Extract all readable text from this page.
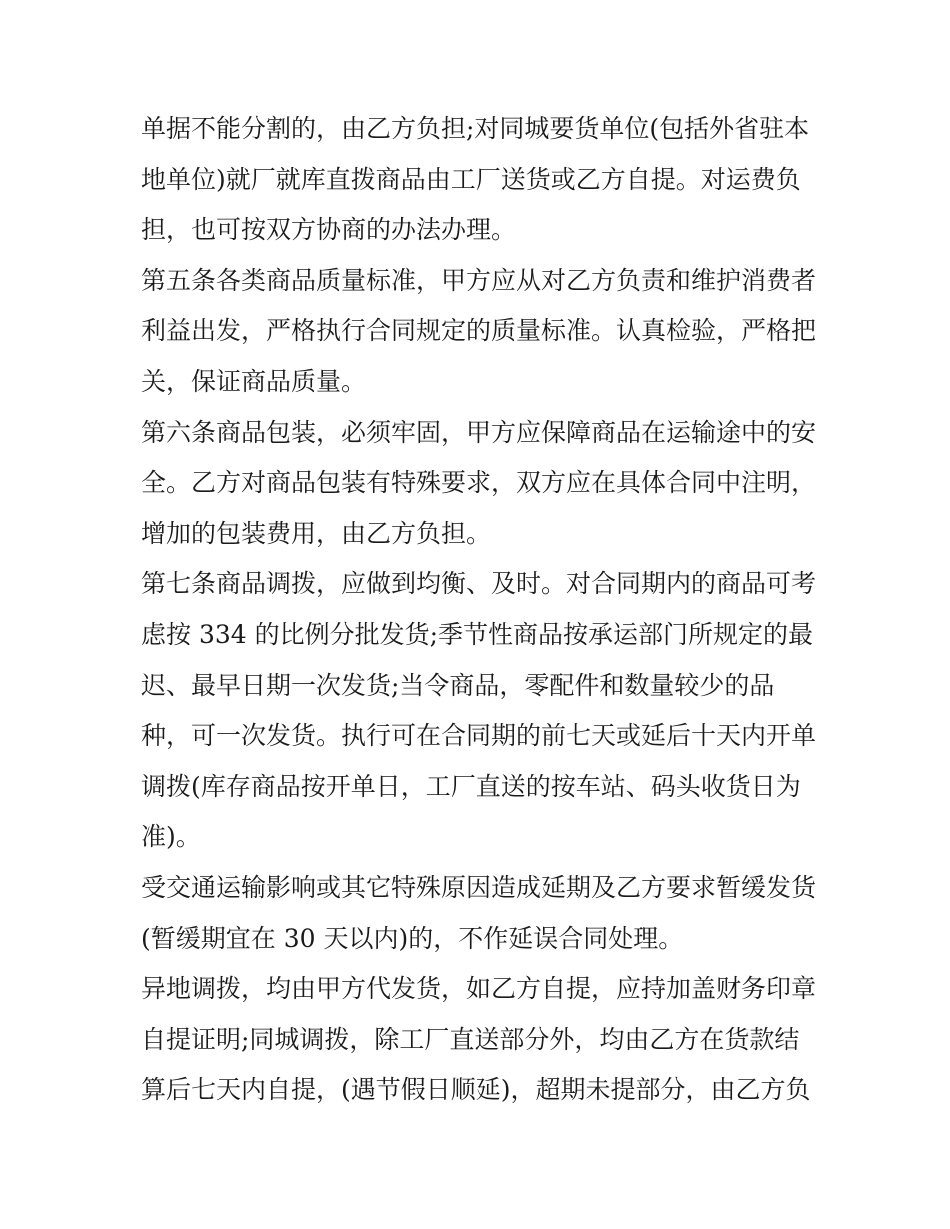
单据不能分割的，由乙方负担;对同城要货单位(包括外省驻本
地单位)就厂就库直拨商品由工厂送货或乙方自提。对运费负
担，也可按双方协商的办法办理。
第五条各类商品质量标准，甲方应从对乙方负责和维护消费者
利益出发，严格执行合同规定的质量标准。认真检验，严格把
关，保证商品质量。
第六条商品包装，必须牢固，甲方应保障商品在运输途中的安
全。乙方对商品包装有特殊要求，双方应在具体合同中注明，
增加的包装费用，由乙方负担。
第七条商品调拨，应做到均衡、及时。对合同期内的商品可考
虑按 334 的比例分批发货;季节性商品按承运部门所规定的最
迟、最早日期一次发货;当令商品，零配件和数量较少的品
种，可一次发货。执行可在合同期的前七天或延后十天内开单
调拨(库存商品按开单日，工厂直送的按车站、码头收货日为
准)。
受交通运输影响或其它特殊原因造成延期及乙方要求暂缓发货
(暂缓期宜在 30 天以内)的，不作延误合同处理。
异地调拨，均由甲方代发货，如乙方自提，应持加盖财务印章
自提证明;同城调拨，除工厂直送部分外，均由乙方在货款结
算后七天内自提，(遇节假日顺延)，超期未提部分，由乙方负
